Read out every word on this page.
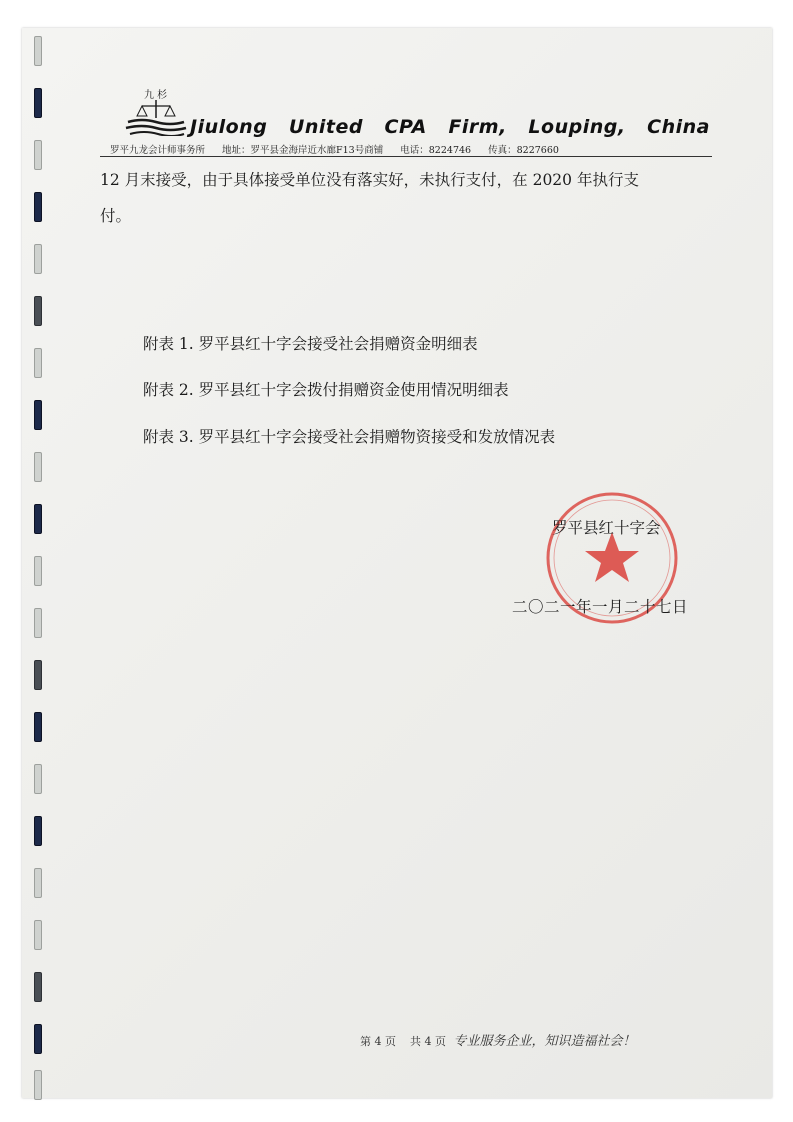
九 杉
Jiulong United CPA Firm, Louping, China
罗平九龙会计师事务所 地址：罗平县金海岸近水廊F13号商铺 电话：8224746 传真：8227660
12 月末接受，由于具体接受单位没有落实好，未执行支付，在 2020 年执行支
付。
附表 1. 罗平县红十字会接受社会捐赠资金明细表
附表 2. 罗平县红十字会拨付捐赠资金使用情况明细表
附表 3. 罗平县红十字会接受社会捐赠物资接受和发放情况表
罗平县红十字会
二〇二一年一月二十七日
第 4 页 共 4 页 专业服务企业，知识造福社会！
